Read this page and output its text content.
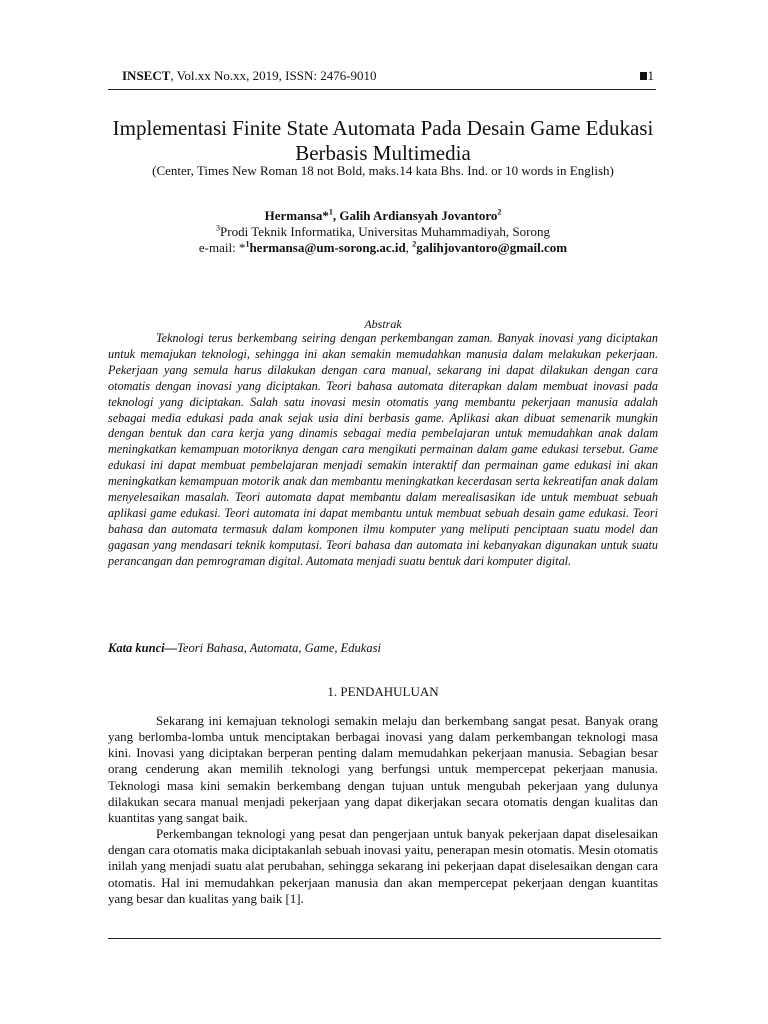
INSECT, Vol.xx No.xx, 2019, ISSN: 2476-9010	1
Implementasi Finite State Automata Pada Desain Game Edukasi Berbasis Multimedia
(Center, Times New Roman 18 not Bold, maks.14 kata Bhs. Ind. or 10 words in English)
Hermansa*$^1$, Galih Ardiansyah Jovantoro$^2$
$^3$Prodi Teknik Informatika, Universitas Muhammadiyah, Sorong
e-mail: *$^1$hermansa@um-sorong.ac.id, $^2$galihjovantoro@gmail.com
Abstrak
Teknologi terus berkembang seiring dengan perkembangan zaman. Banyak inovasi yang diciptakan untuk memajukan teknologi, sehingga ini akan semakin memudahkan manusia dalam melakukan pekerjaan. Pekerjaan yang semula harus dilakukan dengan cara manual, sekarang ini dapat dilakukan dengan cara otomatis dengan inovasi yang diciptakan. Teori bahasa automata diterapkan dalam membuat inovasi pada teknologi yang diciptakan. Salah satu inovasi mesin otomatis yang membantu pekerjaan manusia adalah sebagai media edukasi pada anak sejak usia dini berbasis game. Aplikasi akan dibuat semenarik mungkin dengan bentuk dan cara kerja yang dinamis sebagai media pembelajaran untuk memudahkan anak dalam meningkatkan kemampuan motoriknya dengan cara mengikuti permainan dalam game edukasi tersebut. Game edukasi ini dapat membuat pembelajaran menjadi semakin interaktif dan permainan game edukasi ini akan meningkatkan kemampuan motorik anak dan membantu meningkatkan kecerdasan serta kekreatifan anak dalam menyelesaikan masalah. Teori automata dapat membantu dalam merealisasikan ide untuk membuat sebuah aplikasi game edukasi. Teori automata ini dapat membantu untuk membuat sebuah desain game edukasi. Teori bahasa dan automata termasuk dalam komponen ilmu komputer yang meliputi penciptaan suatu model dan gagasan yang mendasari teknik komputasi. Teori bahasa dan automata ini kebanyakan digunakan untuk suatu perancangan dan pemrograman digital. Automata menjadi suatu bentuk dari komputer digital.
Kata kunci—Teori Bahasa, Automata, Game, Edukasi
1. PENDAHULUAN

Sekarang ini kemajuan teknologi semakin melaju dan berkembang sangat pesat. Banyak orang yang berlomba-lomba untuk menciptakan berbagai inovasi yang dalam perkembangan teknologi masa kini. Inovasi yang diciptakan berperan penting dalam memudahkan pekerjaan manusia. Sebagian besar orang cenderung akan memilih teknologi yang berfungsi untuk mempercepat pekerjaan manusia. Teknologi masa kini semakin berkembang dengan tujuan untuk mengubah pekerjaan yang dulunya dilakukan secara manual menjadi pekerjaan yang dapat dikerjakan secara otomatis dengan kualitas dan kuantitas yang sangat baik.

Perkembangan teknologi yang pesat dan pengerjaan untuk banyak pekerjaan dapat diselesaikan dengan cara otomatis maka diciptakanlah sebuah inovasi yaitu, penerapan mesin otomatis. Mesin otomatis inilah yang menjadi suatu alat perubahan, sehingga sekarang ini pekerjaan dapat diselesaikan dengan cara otomatis. Hal ini memudahkan pekerjaan manusia dan akan mempercepat pekerjaan dengan kuantitas yang besar dan kualitas yang baik [1].
